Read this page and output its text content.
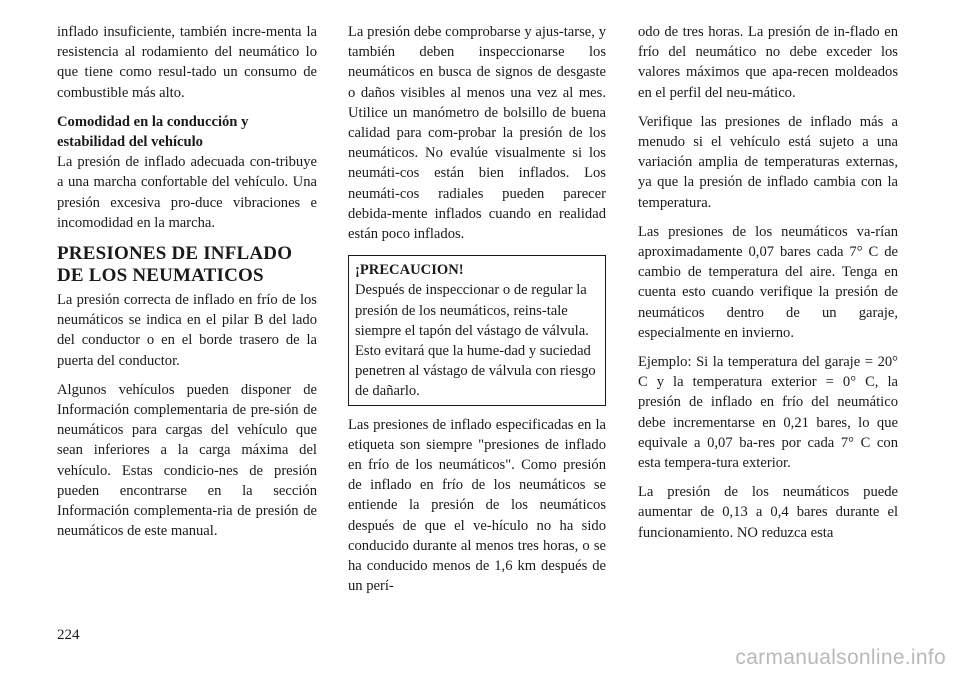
inflado insuficiente, también incre-menta la resistencia al rodamiento del neumático lo que tiene como resul-tado un consumo de combustible más alto.

Comodidad en la conducción y estabilidad del vehículo

La presión de inflado adecuada con-tribuye a una marcha confortable del vehículo. Una presión excesiva pro-duce vibraciones e incomodidad en la marcha.

PRESIONES DE INFLADO DE LOS NEUMATICOS

La presión correcta de inflado en frío de los neumáticos se indica en el pilar B del lado del conductor o en el borde trasero de la puerta del conductor.

Algunos vehículos pueden disponer de Información complementaria de pre-sión de neumáticos para cargas del vehículo que sean inferiores a la carga máxima del vehículo. Estas condicio-nes de presión pueden encontrarse en la sección Información complementa-ria de presión de neumáticos de este manual.

La presión debe comprobarse y ajus-tarse, y también deben inspeccionarse los neumáticos en busca de signos de desgaste o daños visibles al menos una vez al mes. Utilice un manómetro de bolsillo de buena calidad para com-probar la presión de los neumáticos. No evalúe visualmente si los neumáti-cos están bien inflados. Los neumáti-cos radiales pueden parecer debida-mente inflados cuando en realidad están poco inflados.

¡PRECAUCION!
Después de inspeccionar o de regular la presión de los neumáticos, reins-tale siempre el tapón del vástago de válvula. Esto evitará que la hume-dad y suciedad penetren al vástago de válvula con riesgo de dañarlo.

Las presiones de inflado especificadas en la etiqueta son siempre "presiones de inflado en frío de los neumáticos". Como presión de inflado en frío de los neumáticos se entiende la presión de los neumáticos después de que el ve-hículo no ha sido conducido durante al menos tres horas, o se ha conducido menos de 1,6 km después de un perí-

odo de tres horas. La presión de in-flado en frío del neumático no debe exceder los valores máximos que apa-recen moldeados en el perfil del neu-mático.

Verifique las presiones de inflado más a menudo si el vehículo está sujeto a una variación amplia de temperaturas externas, ya que la presión de inflado cambia con la temperatura.

Las presiones de los neumáticos va-rían aproximadamente 0,07 bares cada 7° C de cambio de temperatura del aire. Tenga en cuenta esto cuando verifique la presión de neumáticos dentro de un garaje, especialmente en invierno.

Ejemplo: Si la temperatura del garaje = 20° C y la temperatura exterior = 0° C, la presión de inflado en frío del neumático debe incrementarse en 0,21 bares, lo que equivale a 0,07 ba-res por cada 7° C con esta tempera-tura exterior.

La presión de los neumáticos puede aumentar de 0,13 a 0,4 bares durante el funcionamiento. NO reduzca esta

224
carmanualsonline.info
